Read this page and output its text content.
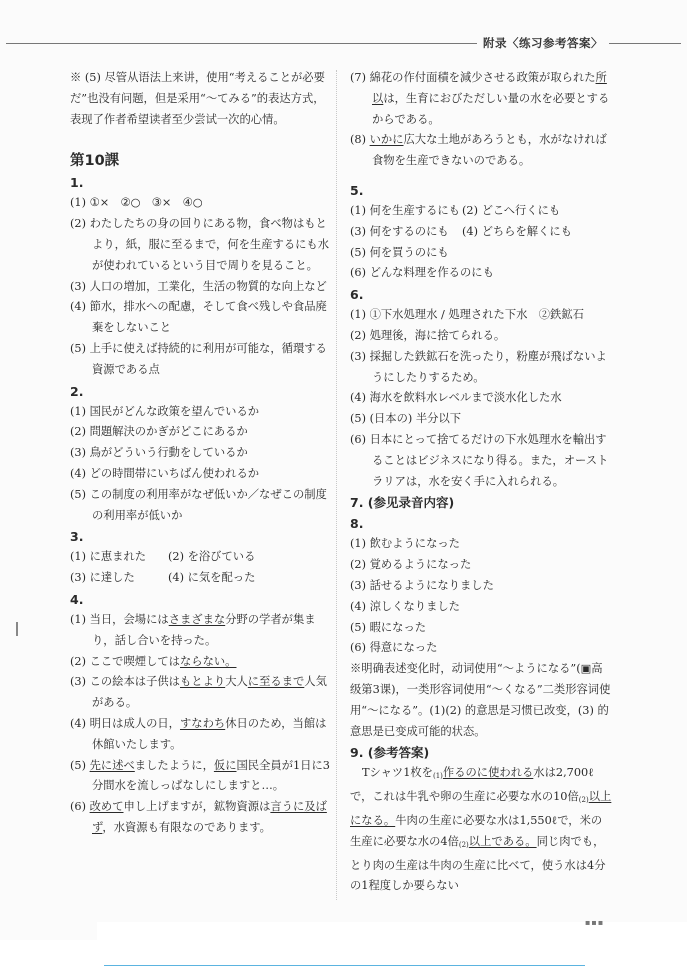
附录〈练习参考答案〉

※ (5) 尽管从语法上来讲，使用“考えることが必要だ”也没有问题，但是采用“～てみる”的表达方式，表现了作者希望读者至少尝试一次的心情。

第10課
1.
(1) ①×　②○　③×　④○
(2) わたしたちの身の回りにある物，食べ物はもとより，紙，服に至るまで，何を生産するにも水が使われているという目で周りを見ること。
(3) 人口の増加，工業化，生活の物質的な向上など
(4) 節水，排水への配慮，そして食べ残しや食品廃棄をしないこと
(5) 上手に使えば持続的に利用が可能な，循環する資源である点
2.
(1) 国民がどんな政策を望んでいるか
(2) 問題解決のかぎがどこにあるか
(3) 鳥がどういう行動をしているか
(4) どの時間帯にいちばん使われるか
(5) この制度の利用率がなぜ低いか／なぜこの制度の利用率が低いか
3.
(1) に恵まれた	(2) を浴びている
(3) に達した	(4) に気を配った
4.
(1) 当日，会場にはさまざまな分野の学者が集まり，話し合いを持った。
(2) ここで喫煙してはならない。
(3) この絵本は子供はもとより大人に至るまで人気がある。
(4) 明日は成人の日，すなわち休日のため，当館は休館いたします。
(5) 先に述べましたように，仮に国民全員が1日に3分間水を流しっぱなしにしますと…。
(6) 改めて申し上げますが，鉱物資源は言うに及ばず，水資源も有限なのであります。
(7) 綿花の作付面積を減少させる政策が取られた所以は，生育におびただしい量の水を必要とするからである。
(8) いかに広大な土地があろうとも，水がなければ食物を生産できないのである。
5.
(1) 何を生産するにも (2) どこへ行くにも
(3) 何をするのにも	(4) どちらを解くにも
(5) 何を買うのにも
(6) どんな料理を作るのにも
6.
(1) ①下水処理水 / 処理された下水　②鉄鉱石
(2) 処理後，海に捨てられる。
(3) 採掘した鉄鉱石を洗ったり，粉塵が飛ばないようにしたりするため。
(4) 海水を飲料水レベルまで淡水化した水
(5) (日本の) 半分以下
(6) 日本にとって捨てるだけの下水処理水を輸出することはビジネスになり得る。また，オーストラリアは，水を安く手に入れられる。
7. (参见录音内容)
8.
(1) 飲むようになった
(2) 覚めるようになった
(3) 話せるようになりました
(4) 涼しくなりました
(5) 暇になった
(6) 得意になった

※明确表述变化时，动词使用“～ようになる”(▣高级第3课)，一类形容词使用“～くなる”二类形容词使用“～になる”。(1)(2) 的意思是习惯已改变，(3) 的意思是已变成可能的状态。

9. (参考答案)

Tシャツ1枚を$_{(1)}$作るのに使われる水は2,700ℓで，これは牛乳や卵の生産に必要な水の10倍$_{(2)}$以上になる。牛肉の生産に必要な水は1,550ℓで，米の生産に必要な水の4倍$_{(2)}$以上である。同じ肉でも，とり肉の生産は牛肉の生産に比べて，使う水は4分の1程度しか要らない

▪▪▪
